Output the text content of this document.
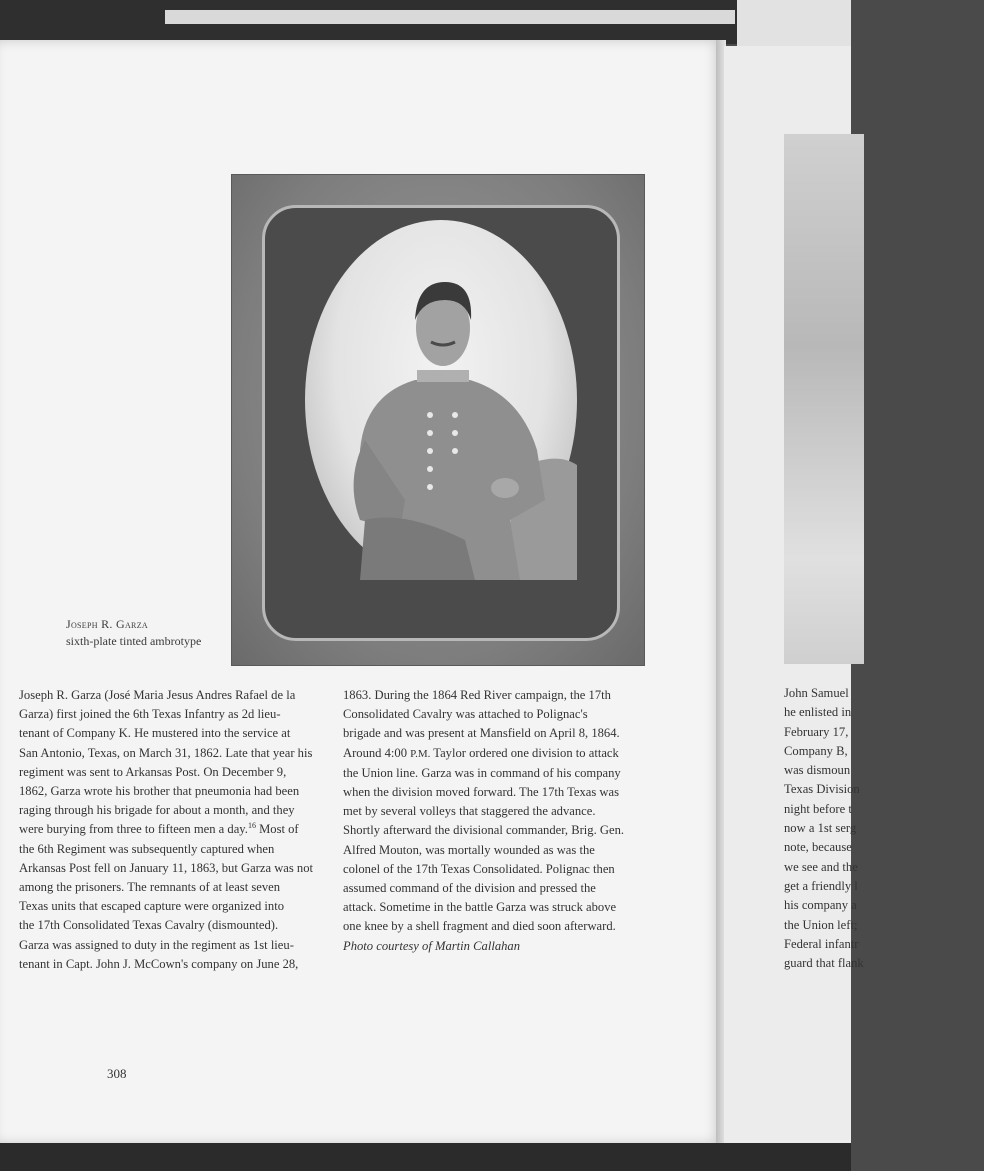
Joseph R. Garza
sixth-plate tinted ambrotype

Joseph R. Garza (José Maria Jesus Andres Rafael de la

Garza) first joined the 6th Texas Infantry as 2d lieu-

tenant of Company K. He mustered into the service at

San Antonio, Texas, on March 31, 1862. Late that year his

regiment was sent to Arkansas Post. On December 9,

1862, Garza wrote his brother that pneumonia had been

raging through his brigade for about a month, and they

were burying from three to fifteen men a day.$^{16}$ Most of

the 6th Regiment was subsequently captured when

Arkansas Post fell on January 11, 1863, but Garza was not

among the prisoners. The remnants of at least seven

Texas units that escaped capture were organized into

the 17th Consolidated Texas Cavalry (dismounted).

Garza was assigned to duty in the regiment as 1st lieu-

tenant in Capt. John J. McCown's company on June 28,

1863. During the 1864 Red River campaign, the 17th

Consolidated Cavalry was attached to Polignac's

brigade and was present at Mansfield on April 8, 1864.

Around 4:00 P.M. Taylor ordered one division to attack

the Union line. Garza was in command of his company

when the division moved forward. The 17th Texas was

met by several volleys that staggered the advance.

Shortly afterward the divisional commander, Brig. Gen.

Alfred Mouton, was mortally wounded as was the

colonel of the 17th Texas Consolidated. Polignac then

assumed command of the division and pressed the

attack. Sometime in the battle Garza was struck above

one knee by a shell fragment and died soon afterward.

Photo courtesy of Martin Callahan

308
John Samuel
he enlisted in
February 17,
Company B,
was dismoun
Texas Division
night before t
now a 1st serg
note, because
we see and the
get a friendly l
his company a
the Union left;
Federal infantr
guard that flank
